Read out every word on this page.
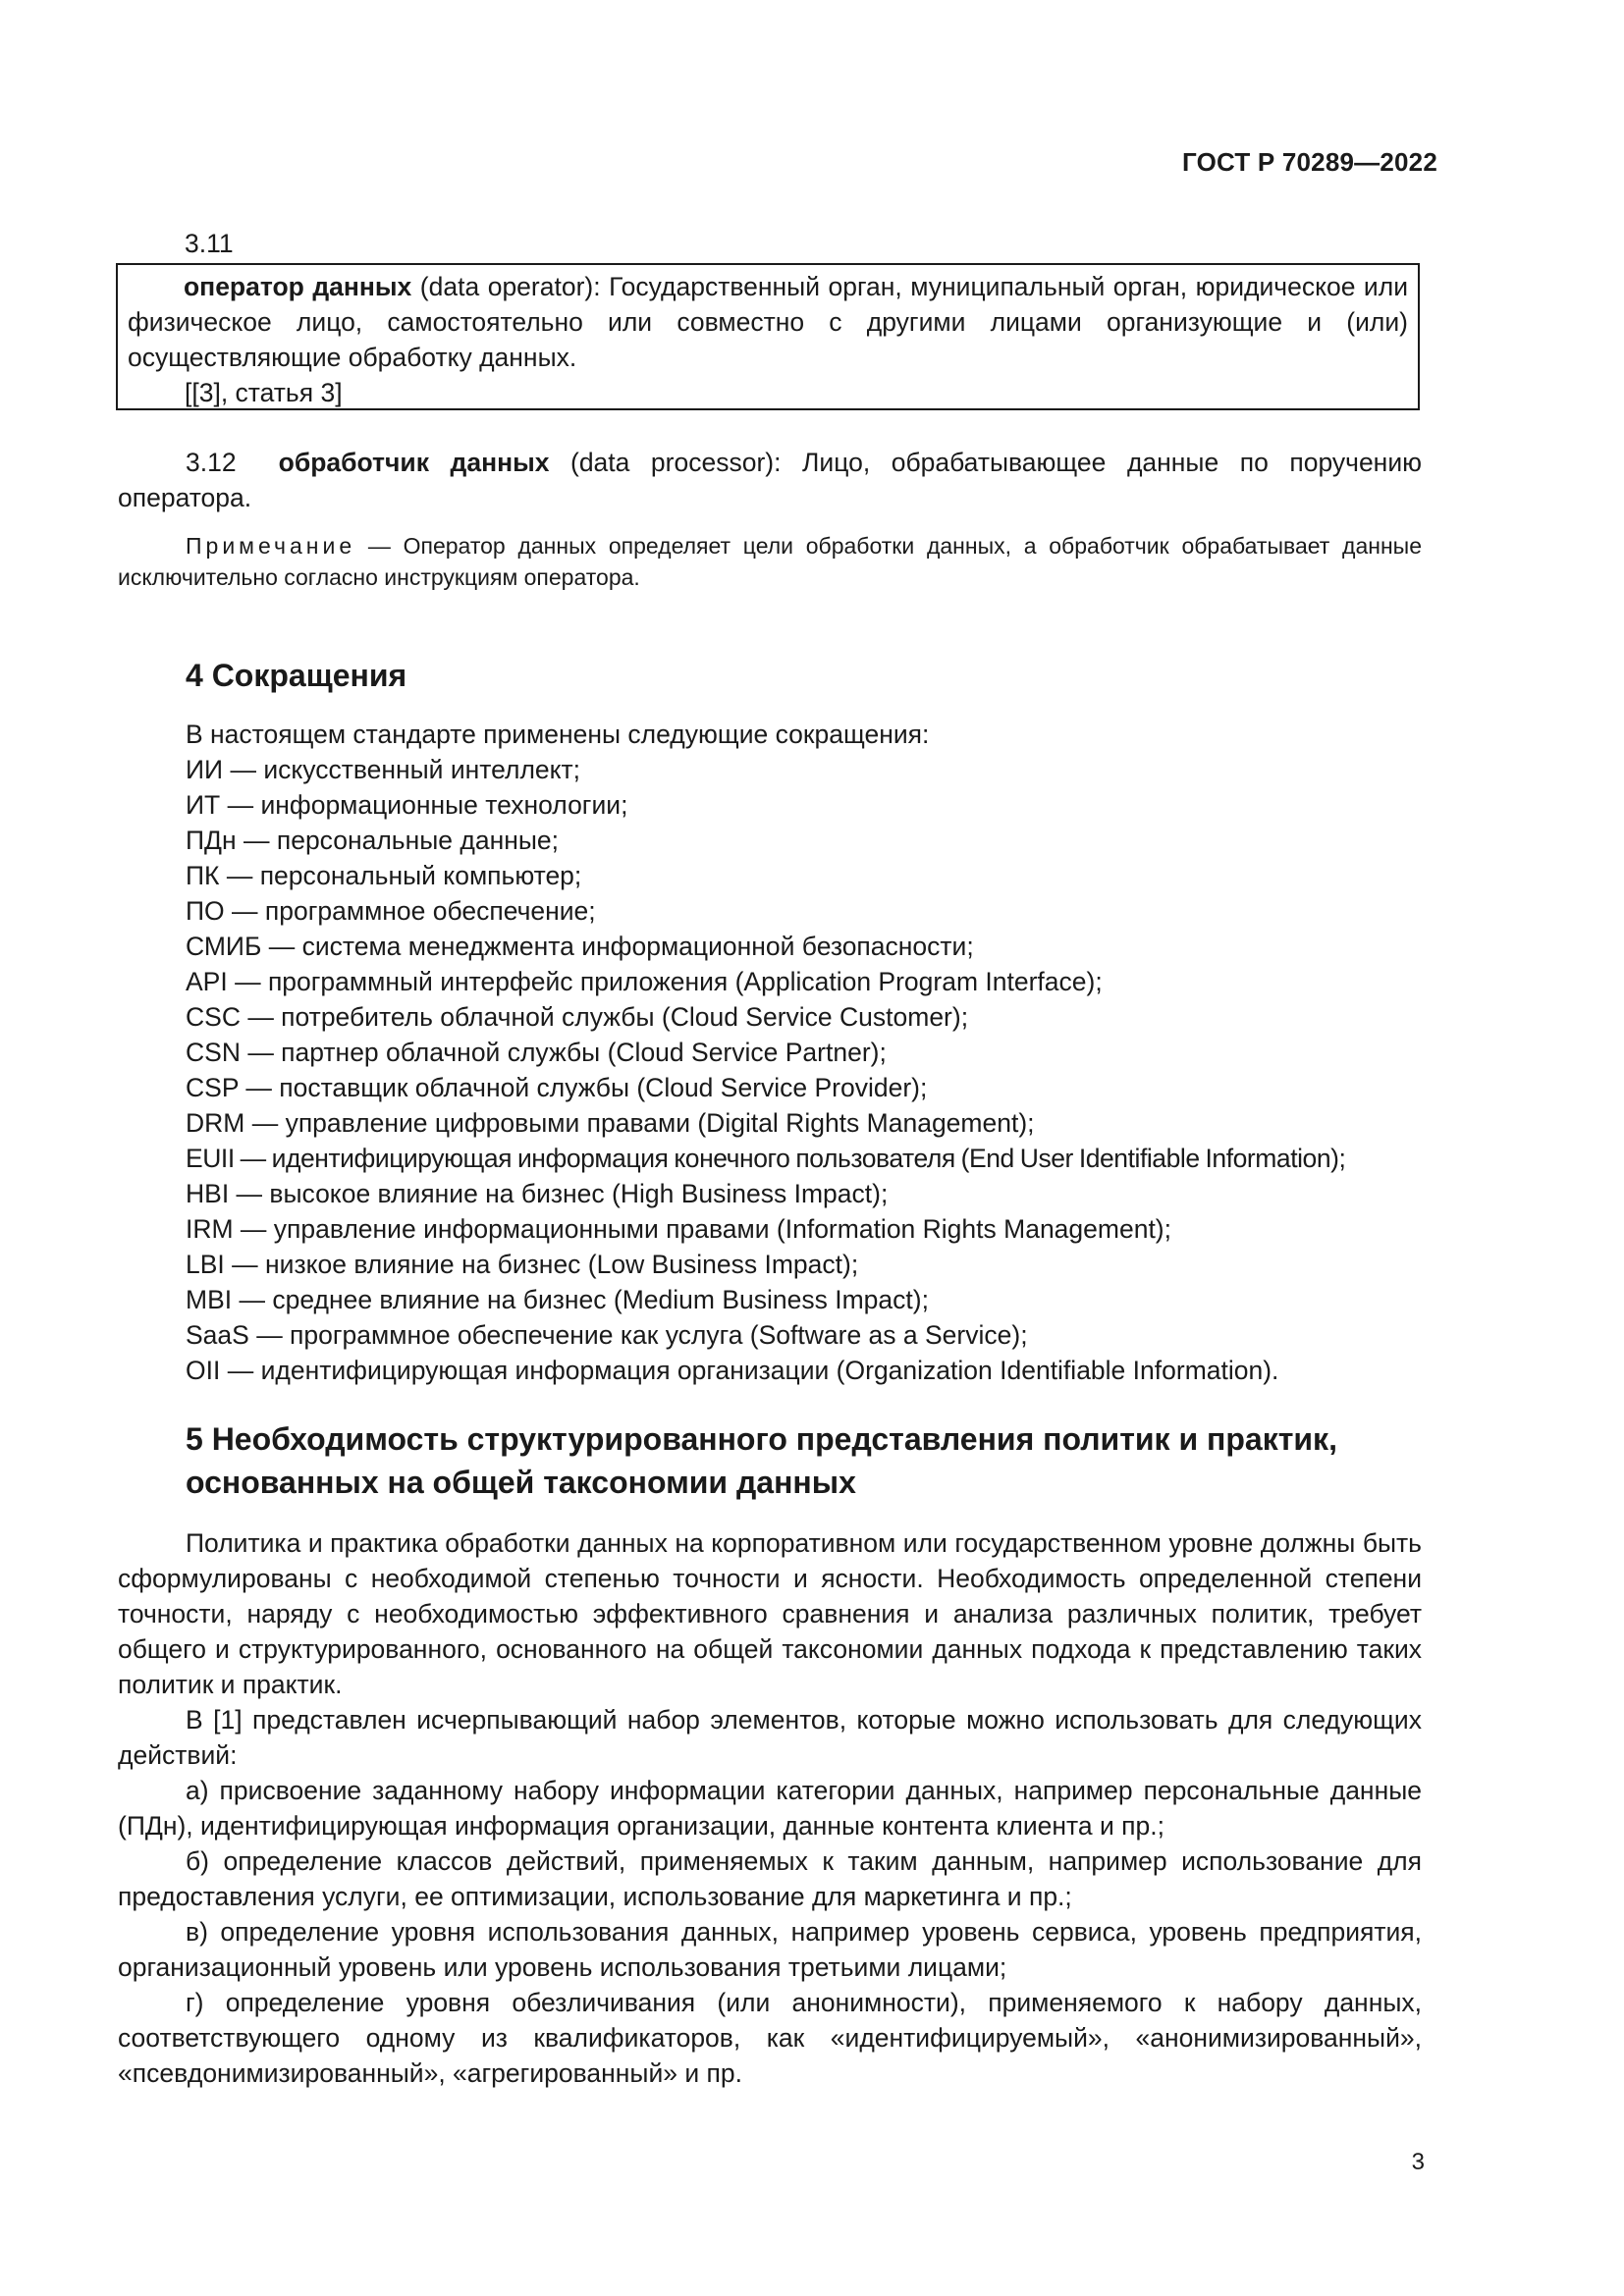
ГОСТ Р 70289—2022
3.11
оператор данных (data operator): Государственный орган, муниципальный орган, юридическое или физическое лицо, самостоятельно или совместно с другими лицами организующие и (или) осуществляющие обработку данных.
[[3], статья 3]
3.12 обработчик данных (data processor): Лицо, обрабатывающее данные по поручению оператора.
Примечание — Оператор данных определяет цели обработки данных, а обработчик обрабатывает данные исключительно согласно инструкциям оператора.
4 Сокращения
В настоящем стандарте применены следующие сокращения:
ИИ — искусственный интеллект;
ИТ — информационные технологии;
ПДн — персональные данные;
ПК — персональный компьютер;
ПО — программное обеспечение;
СМИБ — система менеджмента информационной безопасности;
API — программный интерфейс приложения (Application Program Interface);
CSC — потребитель облачной службы (Cloud Service Customer);
CSN — партнер облачной службы (Cloud Service Partner);
CSP — поставщик облачной службы (Cloud Service Provider);
DRM — управление цифровыми правами (Digital Rights Management);
EUII — идентифицирующая информация конечного пользователя (End User Identifiable Information);
HBI — высокое влияние на бизнес (High Business Impact);
IRM — управление информационными правами (Information Rights Management);
LBI — низкое влияние на бизнес (Low Business Impact);
MBI — среднее влияние на бизнес (Medium Business Impact);
SaaS — программное обеспечение как услуга (Software as a Service);
OII — идентифицирующая информация организации (Organization Identifiable Information).
5 Необходимость структурированного представления политик и практик,
основанных на общей таксономии данных

Политика и практика обработки данных на корпоративном или государственном уровне должны быть сформулированы с необходимой степенью точности и ясности. Необходимость определенной степени точности, наряду с необходимостью эффективного сравнения и анализа различных политик, требует общего и структурированного, основанного на общей таксономии данных подхода к представлению таких политик и практик.

В [1] представлен исчерпывающий набор элементов, которые можно использовать для следующих действий:

а) присвоение заданному набору информации категории данных, например персональные данные (ПДн), идентифицирующая информация организации, данные контента клиента и пр.;

б) определение классов действий, применяемых к таким данным, например использование для предоставления услуги, ее оптимизации, использование для маркетинга и пр.;

в) определение уровня использования данных, например уровень сервиса, уровень предприятия, организационный уровень или уровень использования третьими лицами;

г) определение уровня обезличивания (или анонимности), применяемого к набору данных, соответствующего одному из квалификаторов, как «идентифицируемый», «анонимизированный», «псевдонимизированный», «агрегированный» и пр.

3
